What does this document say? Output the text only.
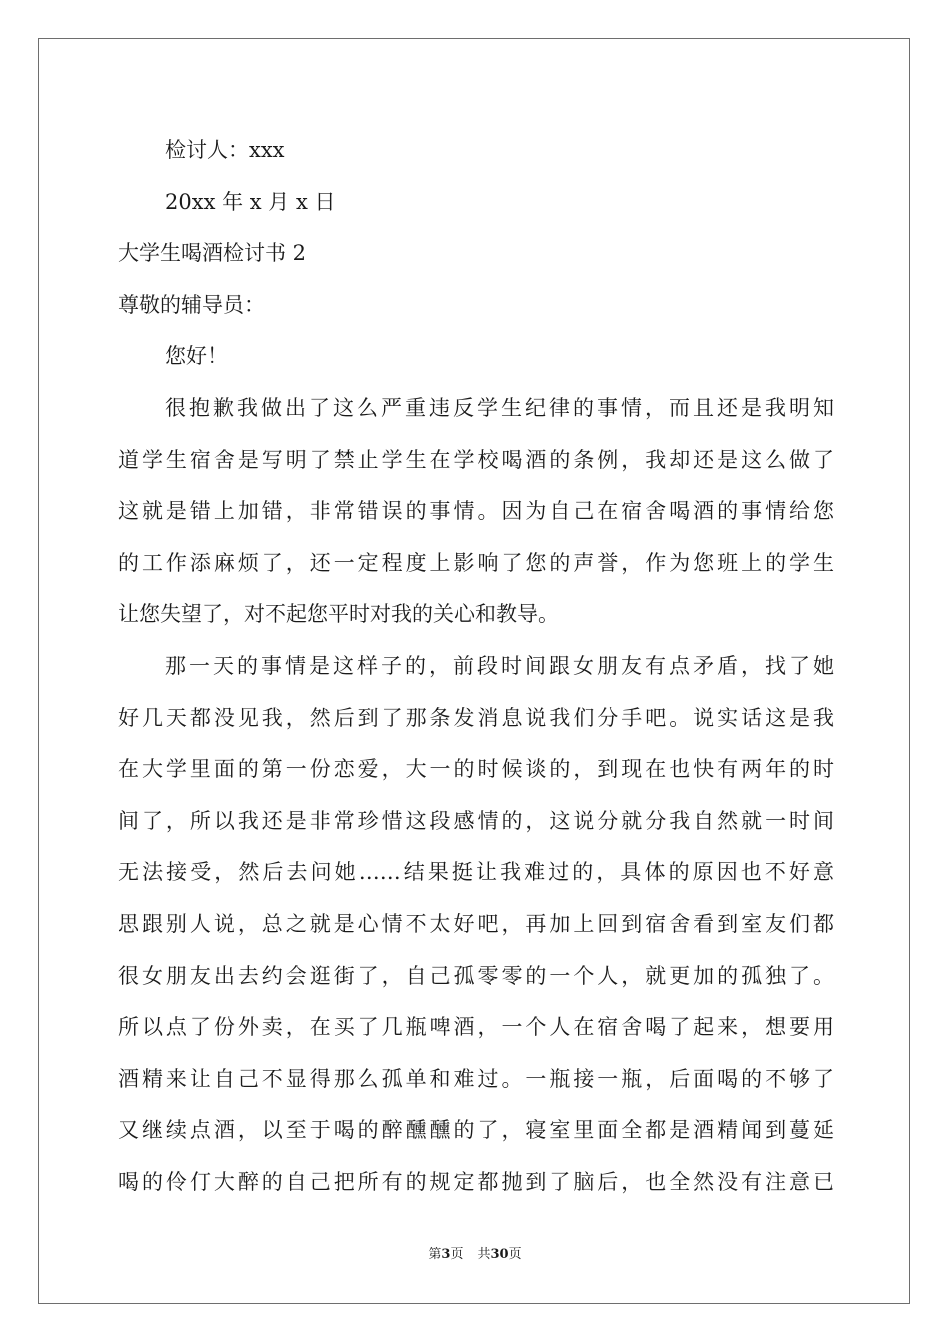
检讨人：xxx
20xx 年 x 月 x 日
大学生喝酒检讨书 2
尊敬的辅导员：
您好！
很抱歉我做出了这么严重违反学生纪律的事情，而且还是我明知
道学生宿舍是写明了禁止学生在学校喝酒的条例，我却还是这么做了
这就是错上加错，非常错误的事情。因为自己在宿舍喝酒的事情给您
的工作添麻烦了，还一定程度上影响了您的声誉，作为您班上的学生
让您失望了，对不起您平时对我的关心和教导。
那一天的事情是这样子的，前段时间跟女朋友有点矛盾，找了她
好几天都没见我，然后到了那条发消息说我们分手吧。说实话这是我
在大学里面的第一份恋爱，大一的时候谈的，到现在也快有两年的时
间了，所以我还是非常珍惜这段感情的，这说分就分我自然就一时间
无法接受，然后去问她……结果挺让我难过的，具体的原因也不好意
思跟别人说，总之就是心情不太好吧，再加上回到宿舍看到室友们都
很女朋友出去约会逛街了，自己孤零零的一个人，就更加的孤独了。
所以点了份外卖，在买了几瓶啤酒，一个人在宿舍喝了起来，想要用
酒精来让自己不显得那么孤单和难过。一瓶接一瓶，后面喝的不够了
又继续点酒，以至于喝的醉醺醺的了，寝室里面全都是酒精闻到蔓延
喝的伶仃大醉的自己把所有的规定都抛到了脑后，也全然没有注意已
第3页 共30页
